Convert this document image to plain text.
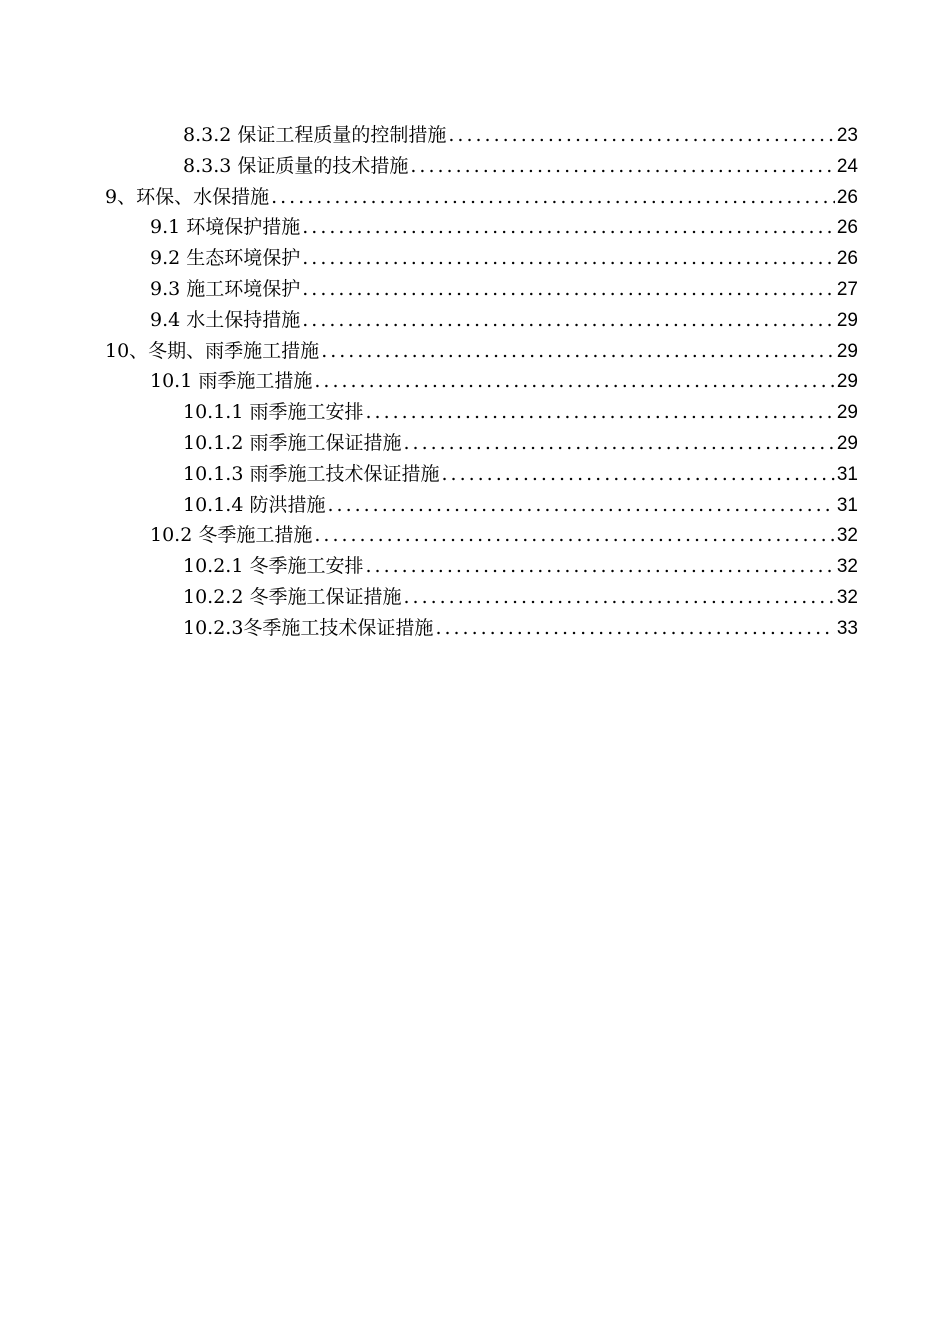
8.3.2 保证工程质量的控制措施 .....	23
8.3.3 保证质量的技术措施 .....	24
9、环保、水保措施 .....	26
9.1 环境保护措施 .....	26
9.2 生态环境保护 .....	26
9.3 施工环境保护 .....	27
9.4 水土保持措施 .....	29
10、冬期、雨季施工措施 .....	29
10.1 雨季施工措施 .....	29
10.1.1 雨季施工安排 .....	29
10.1.2 雨季施工保证措施 .....	29
10.1.3 雨季施工技术保证措施 .....	31
10.1.4 防洪措施 .....	31
10.2 冬季施工措施 .....	32
10.2.1 冬季施工安排 .....	32
10.2.2 冬季施工保证措施 .....	32
10.2.3冬季施工技术保证措施 .....	33
